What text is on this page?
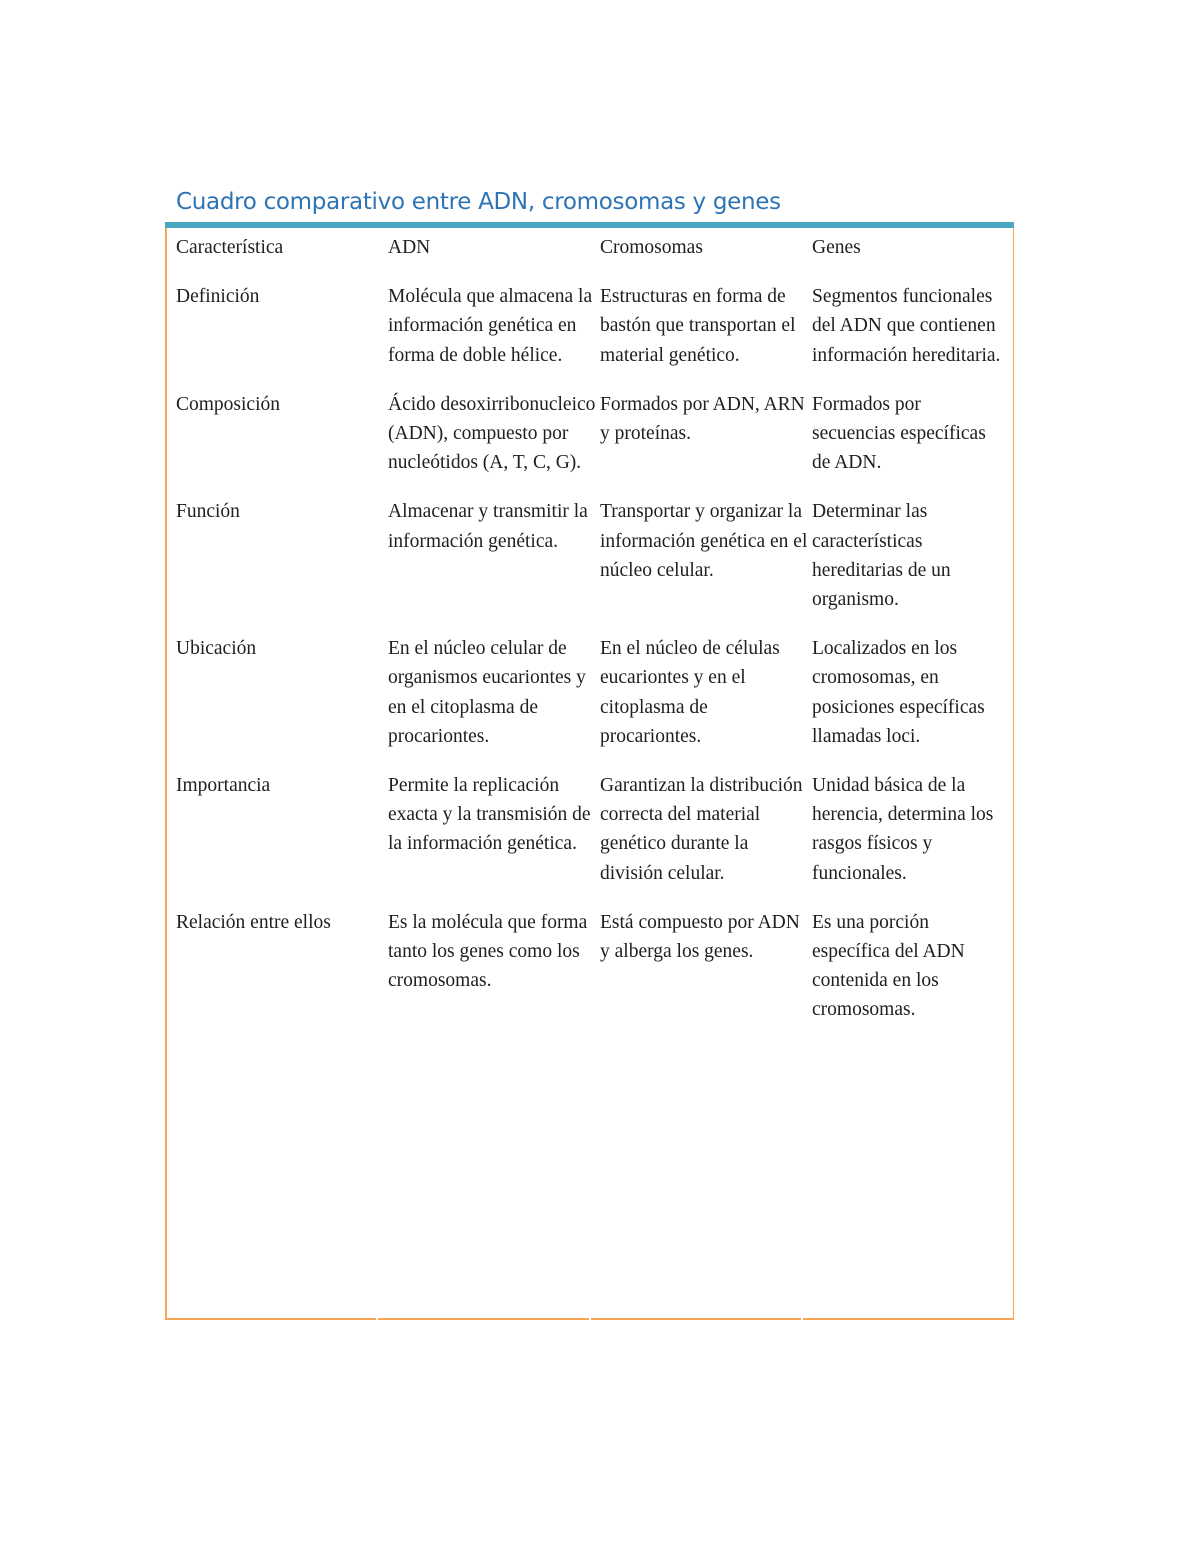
Cuadro comparativo entre ADN, cromosomas y genes
Característica	ADN	Cromosomas	Genes
Definición	Molécula que almacena la información genética en forma de doble hélice.	Estructuras en forma de bastón que transportan el material genético.	Segmentos funcionales del ADN que contienen información hereditaria.
Composición	Ácido desoxirribonucleico (ADN), compuesto por nucleótidos (A, T, C, G).	Formados por ADN, ARN y proteínas.	Formados por secuencias específicas de ADN.
Función	Almacenar y transmitir la información genética.	Transportar y organizar la información genética en el núcleo celular.	Determinar las características hereditarias de un organismo.
Ubicación	En el núcleo celular de organismos eucariontes y en el citoplasma de procariontes.	En el núcleo de células eucariontes y en el citoplasma de procariontes.	Localizados en los cromosomas, en posiciones específicas llamadas loci.
Importancia	Permite la replicación exacta y la transmisión de la información genética.	Garantizan la distribución correcta del material genético durante la división celular.	Unidad básica de la herencia, determina los rasgos físicos y funcionales.
Relación entre ellos	Es la molécula que forma tanto los genes como los cromosomas.	Está compuesto por ADN y alberga los genes.	Es una porción específica del ADN contenida en los cromosomas.
